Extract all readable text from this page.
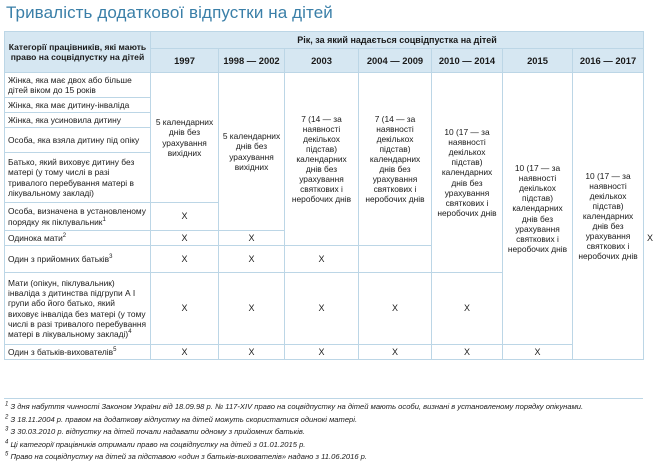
Тривалість додаткової відпустки на дітей
Категорії працівників, які мають право на соцвідпустку на дітей	Рік, за який надається соцвідпустка на дітей							
	1997	1998 — 2002	2003	2004 — 2009	2010 — 2014	2015	2016 — 2017	
Жінка, яка має двох або більше дітей віком до 15 років	5 календарних днів без урахування вихідних	5 календарних днів без урахування вихідних	7 (14 — за наявності декількох підстав) календарних днів без урахування святкових і неробочих днів	7 (14 — за наявності декількох підстав) календарних днів без урахування святкових і неробочих днів	10 (17 — за наявності декількох підстав) календарних днів без урахування святкових і неробочих днів	10 (17 — за наявності декількох підстав) календарних днів без урахування святкових і неробочих днів	10 (17 — за наявності декількох підстав) календарних днів без урахування святкових і неробочих днів	
Жінка, яка має дитину-інваліда								
Жінка, яка усиновила дитину								
Особа, яка взяла дитину під опіку								
Батько, який виховує дитину без матері (у тому числі в разі тривалого перебування матері в лікувальному закладі)								
Особа, визначена в установленому порядку як піклувальник$^1$	X							
Одинока мати$^2$	X	X						X
Один з прийомних батьків$^3$	X	X	X					
Мати (опікун, піклувальник) інваліда з дитинства підгрупи А I групи або його батько, який виховує інваліда без матері (у тому числі в разі тривалого перебування матері в лікувальному закладі)$^4$	X	X	X	X	X			
Один з батьків-вихователів$^5$	X	X	X	X	X	X		
$^1$ З дня набуття чинності Законом України від 18.09.98 р. № 117-XIV право на соцвідпустку на дітей мають особи, визнані в установленому порядку опікунами.
$^2$ З 18.11.2004 р. правом на додаткову відпустку на дітей можуть скористатися одинокі матері.
$^3$ З 30.03.2010 р. відпустку на дітей почали надавати одному з прийомних батьків.
$^4$ Ці категорії працівників отримали право на соцвідпустку на дітей з 01.01.2015 р.
$^5$ Право на соцвідпустку на дітей за підставою «один з батьків-вихователів» надано з 11.06.2016 р.
